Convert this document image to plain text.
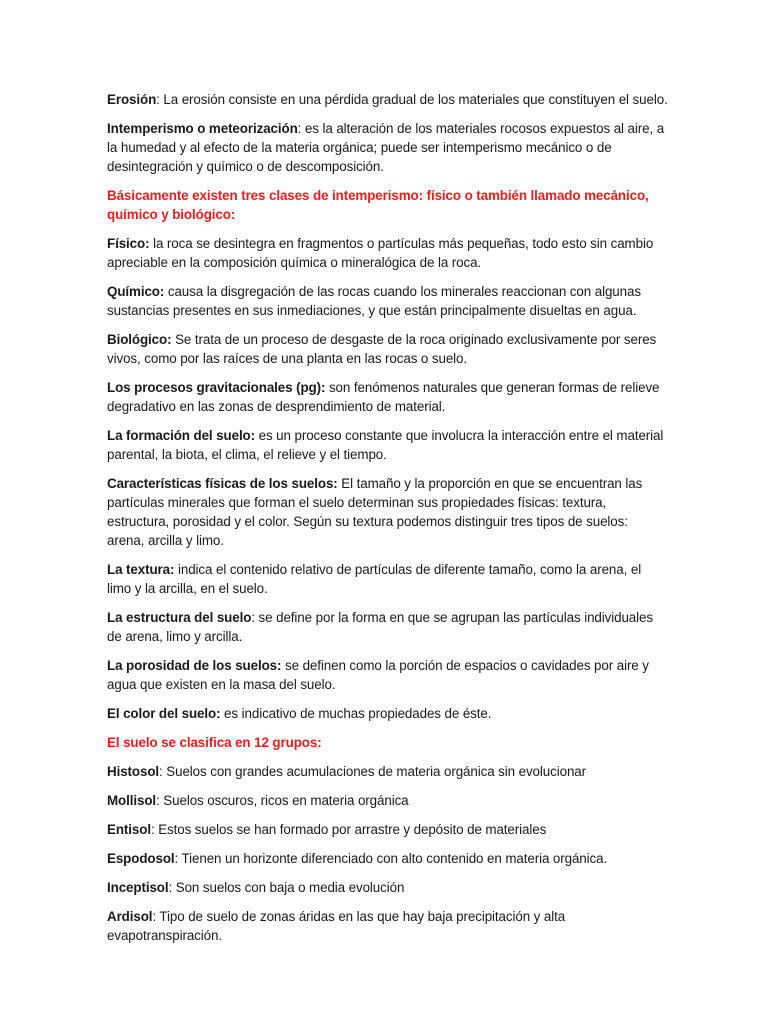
Erosión: La erosión consiste en una pérdida gradual de los materiales que constituyen el suelo.

Intemperismo o meteorización: es la alteración de los materiales rocosos expuestos al aire, a la humedad y al efecto de la materia orgánica; puede ser intemperismo mecánico o de desintegración y químico o de descomposición.

Básicamente existen tres clases de intemperismo: físico o también llamado mecánico, químico y biológico:

Físico: la roca se desintegra en fragmentos o partículas más pequeñas, todo esto sin cambio apreciable en la composición química o mineralógica de la roca.

Químico: causa la disgregación de las rocas cuando los minerales reaccionan con algunas sustancias presentes en sus inmediaciones, y que están principalmente disueltas en agua.

Biológico: Se trata de un proceso de desgaste de la roca originado exclusivamente por seres vivos, como por las raíces de una planta en las rocas o suelo.

Los procesos gravitacionales (pg): son fenómenos naturales que generan formas de relieve degradativo en las zonas de desprendimiento de material.

La formación del suelo: es un proceso constante que involucra la interacción entre el material parental, la biota, el clima, el relieve y el tiempo.

Características físicas de los suelos: El tamaño y la proporción en que se encuentran las partículas minerales que forman el suelo determinan sus propiedades físicas: textura, estructura, porosidad y el color. Según su textura podemos distinguir tres tipos de suelos: arena, arcilla y limo.

La textura: indica el contenido relativo de partículas de diferente tamaño, como la arena, el limo y la arcilla, en el suelo.

La estructura del suelo: se define por la forma en que se agrupan las partículas individuales de arena, limo y arcilla.

La porosidad de los suelos: se definen como la porción de espacios o cavidades por aire y agua que existen en la masa del suelo.

El color del suelo: es indicativo de muchas propiedades de éste.

El suelo se clasifica en 12 grupos:

Histosol: Suelos con grandes acumulaciones de materia orgánica sin evolucionar

Mollisol: Suelos oscuros, ricos en materia orgánica

Entisol: Estos suelos se han formado por arrastre y depósito de materiales

Espodosol: Tienen un horizonte diferenciado con alto contenido en materia orgánica.

Inceptisol: Son suelos con baja o media evolución

Ardisol: Tipo de suelo de zonas áridas en las que hay baja precipitación y alta evapotranspiración.
